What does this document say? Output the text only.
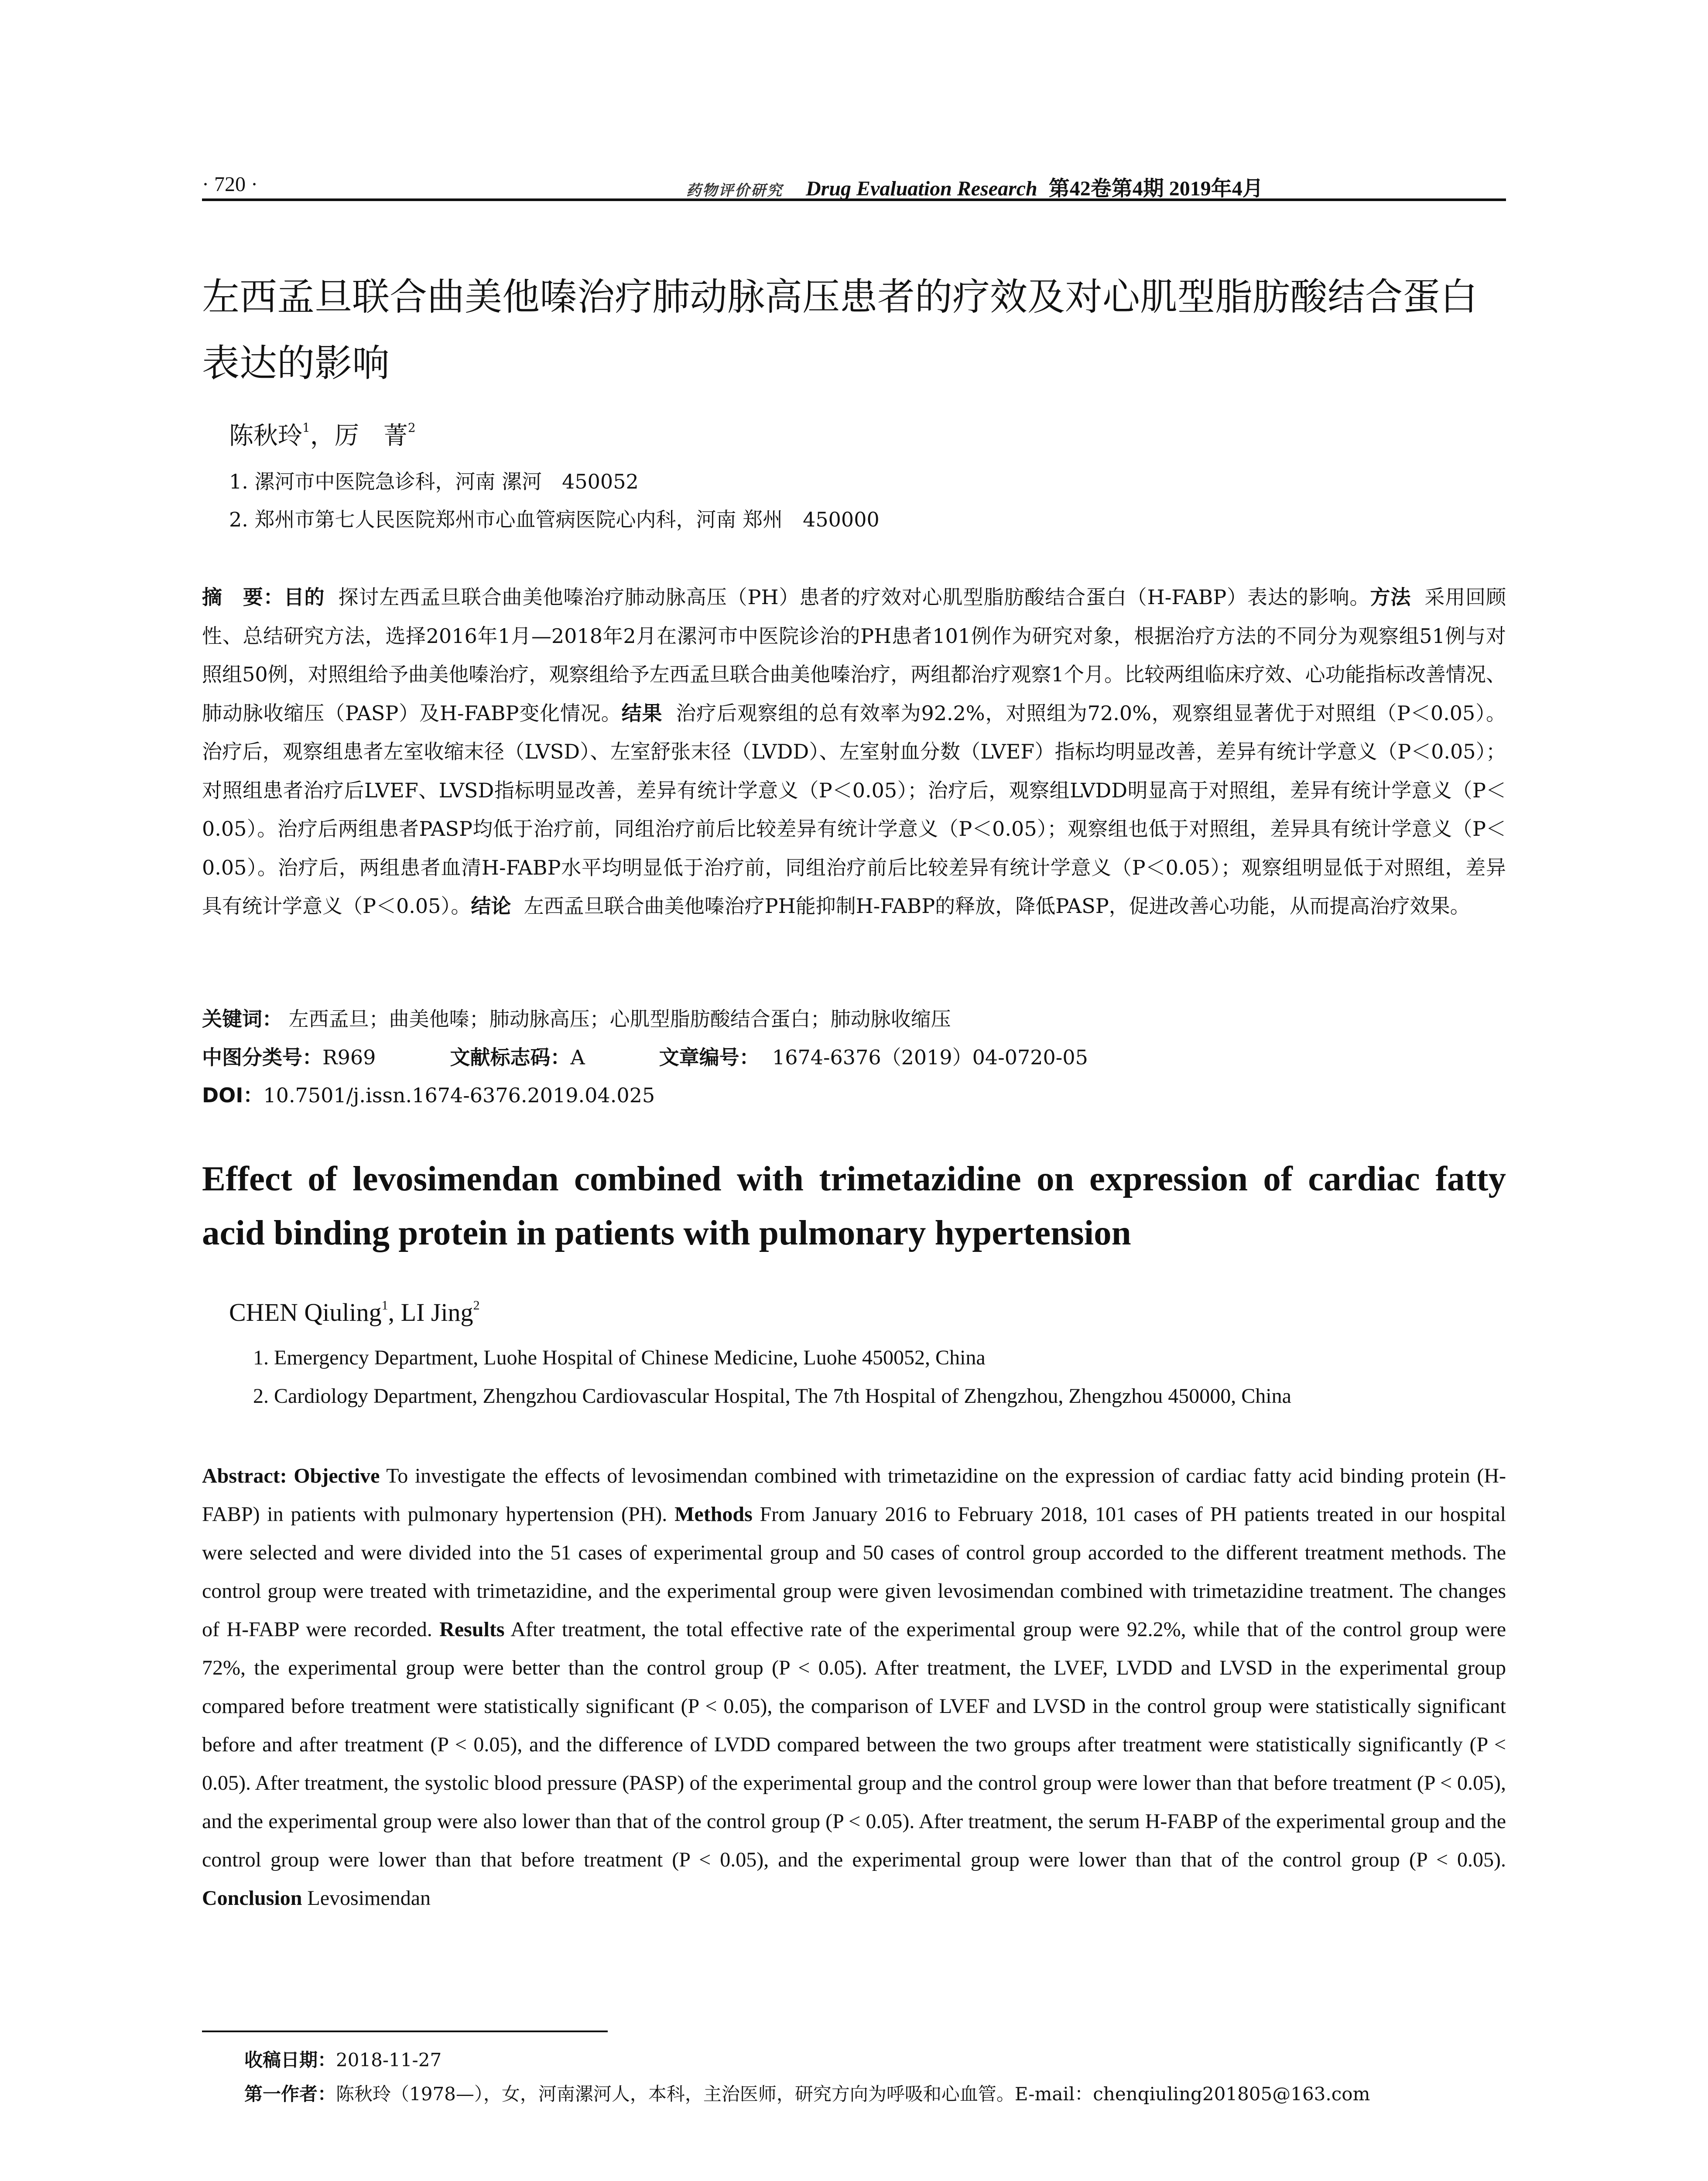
· 720 ·	药物评价研究 Drug Evaluation Research 第42卷第4期 2019年4月
左西孟旦联合曲美他嗪治疗肺动脉高压患者的疗效及对心肌型脂肪酸结合蛋白表达的影响
陈秋玲$^1$，厉　菁$^2$
1. 漯河市中医院急诊科，河南 漯河　450052
2. 郑州市第七人民医院郑州市心血管病医院心内科，河南 郑州　450000
摘　要：目的 探讨左西孟旦联合曲美他嗪治疗肺动脉高压（PH）患者的疗效对心肌型脂肪酸结合蛋白（H-FABP）表达的影响。方法 采用回顾性、总结研究方法，选择2016年1月—2018年2月在漯河市中医院诊治的PH患者101例作为研究对象，根据治疗方法的不同分为观察组51例与对照组50例，对照组给予曲美他嗪治疗，观察组给予左西孟旦联合曲美他嗪治疗，两组都治疗观察1个月。比较两组临床疗效、心功能指标改善情况、肺动脉收缩压（PASP）及H-FABP变化情况。结果 治疗后观察组的总有效率为92.2%，对照组为72.0%，观察组显著优于对照组（P＜0.05）。治疗后，观察组患者左室收缩末径（LVSD）、左室舒张末径（LVDD）、左室射血分数（LVEF）指标均明显改善，差异有统计学意义（P＜0.05）；对照组患者治疗后LVEF、LVSD指标明显改善，差异有统计学意义（P＜0.05）；治疗后，观察组LVDD明显高于对照组，差异有统计学意义（P＜0.05）。治疗后两组患者PASP均低于治疗前，同组治疗前后比较差异有统计学意义（P＜0.05）；观察组也低于对照组，差异具有统计学意义（P＜0.05）。治疗后，两组患者血清H-FABP水平均明显低于治疗前，同组治疗前后比较差异有统计学意义（P＜0.05）；观察组明显低于对照组，差异具有统计学意义（P＜0.05）。结论 左西孟旦联合曲美他嗪治疗PH能抑制H-FABP的释放，降低PASP，促进改善心功能，从而提高治疗效果。
关键词： 左西孟旦；曲美他嗪；肺动脉高压；心肌型脂肪酸结合蛋白；肺动脉收缩压
中图分类号：R969	文献标志码：A	文章编号： 1674-6376（2019）04-0720-05
DOI：10.7501/j.issn.1674-6376.2019.04.025
Effect of levosimendan combined with trimetazidine on expression of cardiac fatty acid binding protein in patients with pulmonary hypertension
CHEN Qiuling$^1$, LI Jing$^2$
1. Emergency Department, Luohe Hospital of Chinese Medicine, Luohe 450052, China
2. Cardiology Department, Zhengzhou Cardiovascular Hospital, The 7th Hospital of Zhengzhou, Zhengzhou 450000, China
Abstract: Objective To investigate the effects of levosimendan combined with trimetazidine on the expression of cardiac fatty acid binding protein (H-FABP) in patients with pulmonary hypertension (PH). Methods From January 2016 to February 2018, 101 cases of PH patients treated in our hospital were selected and were divided into the 51 cases of experimental group and 50 cases of control group accorded to the different treatment methods. The control group were treated with trimetazidine, and the experimental group were given levosimendan combined with trimetazidine treatment. The changes of H-FABP were recorded. Results After treatment, the total effective rate of the experimental group were 92.2%, while that of the control group were 72%, the experimental group were better than the control group (P < 0.05). After treatment, the LVEF, LVDD and LVSD in the experimental group compared before treatment were statistically significant (P < 0.05), the comparison of LVEF and LVSD in the control group were statistically significant before and after treatment (P < 0.05), and the difference of LVDD compared between the two groups after treatment were statistically significantly (P < 0.05). After treatment, the systolic blood pressure (PASP) of the experimental group and the control group were lower than that before treatment (P < 0.05), and the experimental group were also lower than that of the control group (P < 0.05). After treatment, the serum H-FABP of the experimental group and the control group were lower than that before treatment (P < 0.05), and the experimental group were lower than that of the control group (P < 0.05). Conclusion Levosimendan
收稿日期：2018-11-27
第一作者：陈秋玲（1978—），女，河南漯河人，本科，主治医师，研究方向为呼吸和心血管。E-mail：chenqiuling201805@163.com
